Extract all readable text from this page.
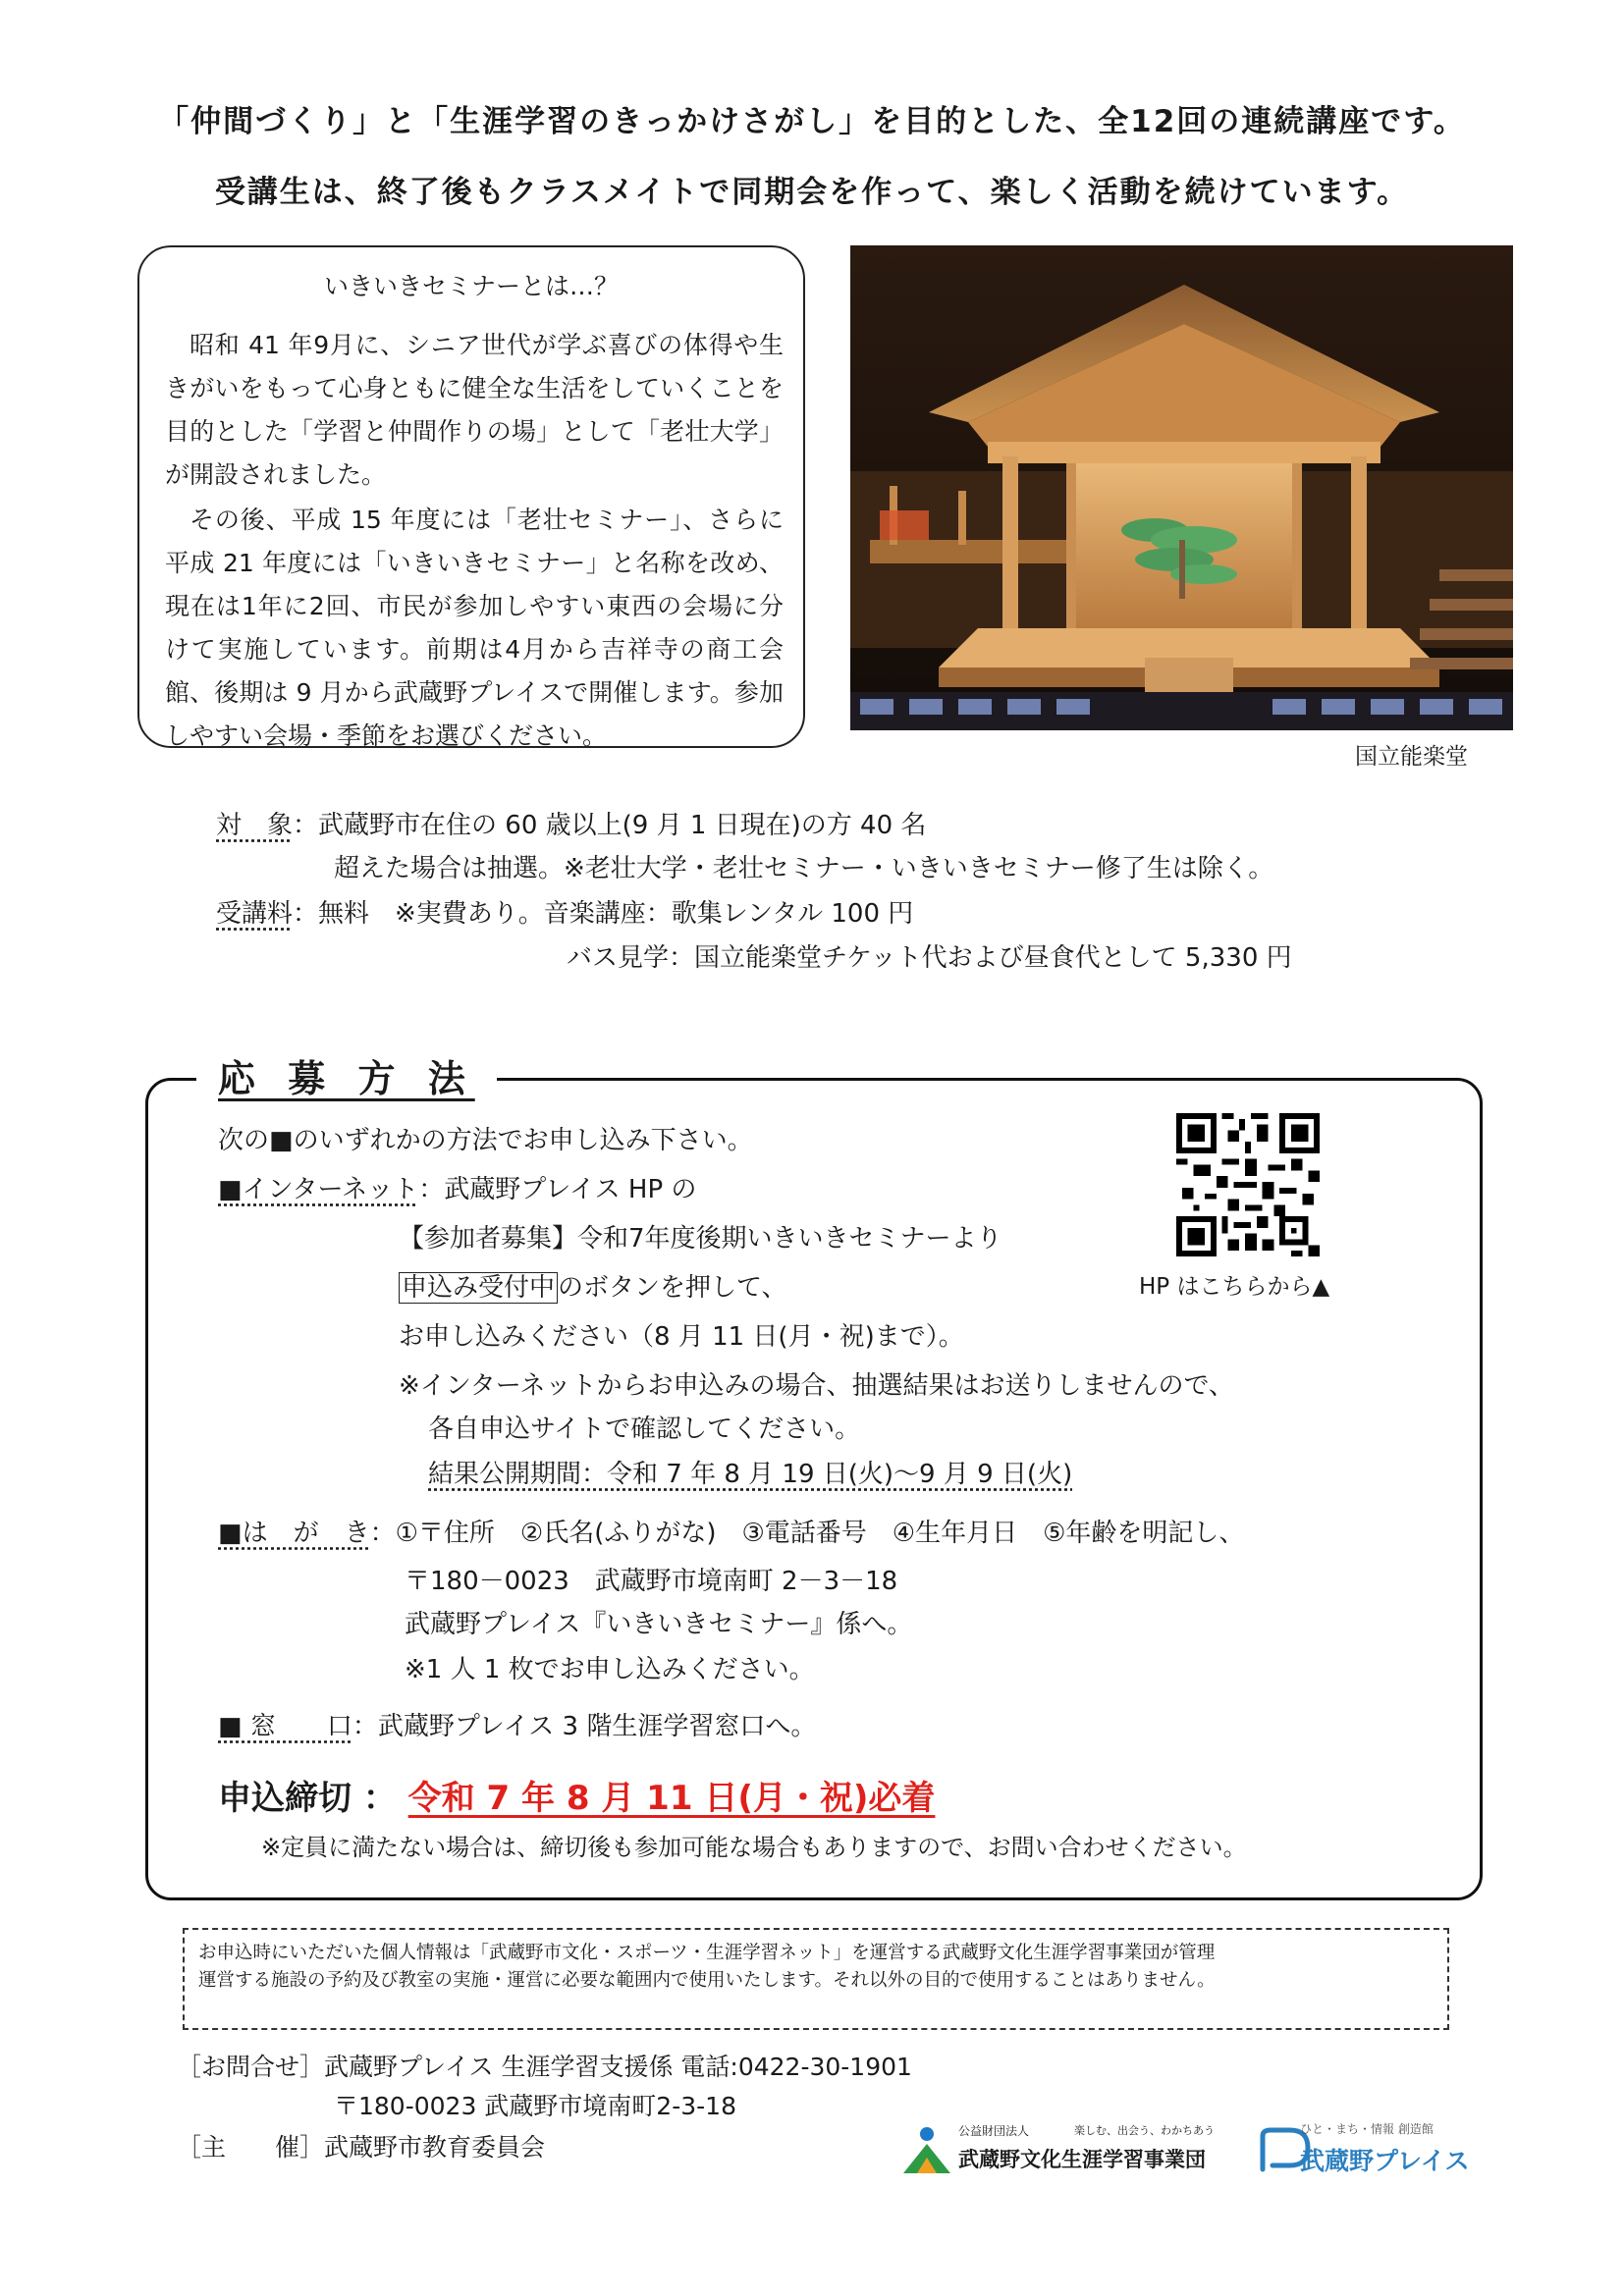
「仲間づくり」と「生涯学習のきっかけさがし」を目的とした、全12回の連続講座です。
受講生は、終了後もクラスメイトで同期会を作って、楽しく活動を続けています。
いきいきセミナーとは…？

昭和 41 年9月に、シニア世代が学ぶ喜びの体得や生きがいをもって心身ともに健全な生活をしていくことを目的とした「学習と仲間作りの場」として「老壮大学」が開設されました。

その後、平成 15 年度には「老壮セミナー」、さらに平成 21 年度には「いきいきセミナー」と名称を改め、現在は1年に2回、市民が参加しやすい東西の会場に分けて実施しています。前期は4月から吉祥寺の商工会館、後期は 9 月から武蔵野プレイスで開催します。参加しやすい会場・季節をお選びください。

国立能楽堂
対　象：武蔵野市在住の 60 歳以上(9 月 1 日現在)の方 40 名
超えた場合は抽選。※老壮大学・老壮セミナー・いきいきセミナー修了生は除く。
受講料：無料　※実費あり。音楽講座：歌集レンタル 100 円
バス見学：国立能楽堂チケット代および昼食代として 5,330 円
応 募 方 法
次の■のいずれかの方法でお申し込み下さい。
■インターネット：武蔵野プレイス HP の
【参加者募集】令和7年度後期いきいきセミナーより
申込み受付中 のボタンを押して、
お申し込みください（8 月 11 日(月・祝)まで）。
※インターネットからお申込みの場合、抽選結果はお送りしませんので、
各自申込サイトで確認してください。
結果公開期間：令和 7 年 8 月 19 日(火)～9 月 9 日(火)
HP はこちらから▲
■は　が　き：①〒住所　②氏名(ふりがな)　③電話番号　④生年月日　⑤年齢を明記し、
〒180－0023　武蔵野市境南町 2－3－18
武蔵野プレイス『いきいきセミナー』係へ。
※1 人 1 枚でお申し込みください。
■ 窓　　口：武蔵野プレイス 3 階生涯学習窓口へ。
申込締切 ： 令和 7 年 8 月 11 日(月・祝)必着
※定員に満たない場合は、締切後も参加可能な場合もありますので、お問い合わせください。
お申込時にいただいた個人情報は「武蔵野市文化・スポーツ・生涯学習ネット」を運営する武蔵野文化生涯学習事業団が管理
運営する施設の予約及び教室の実施・運営に必要な範囲内で使用いたします。それ以外の目的で使用することはありません。
［お問合せ］武蔵野プレイス 生涯学習支援係 電話:0422-30-1901
〒180-0023 武蔵野市境南町2-3-18
［主　　催］武蔵野市教育委員会
公益財団法人	楽しむ、出会う、わかちあう
武蔵野文化生涯学習事業団
ひと・まち・情報 創造館
武蔵野プレイス
